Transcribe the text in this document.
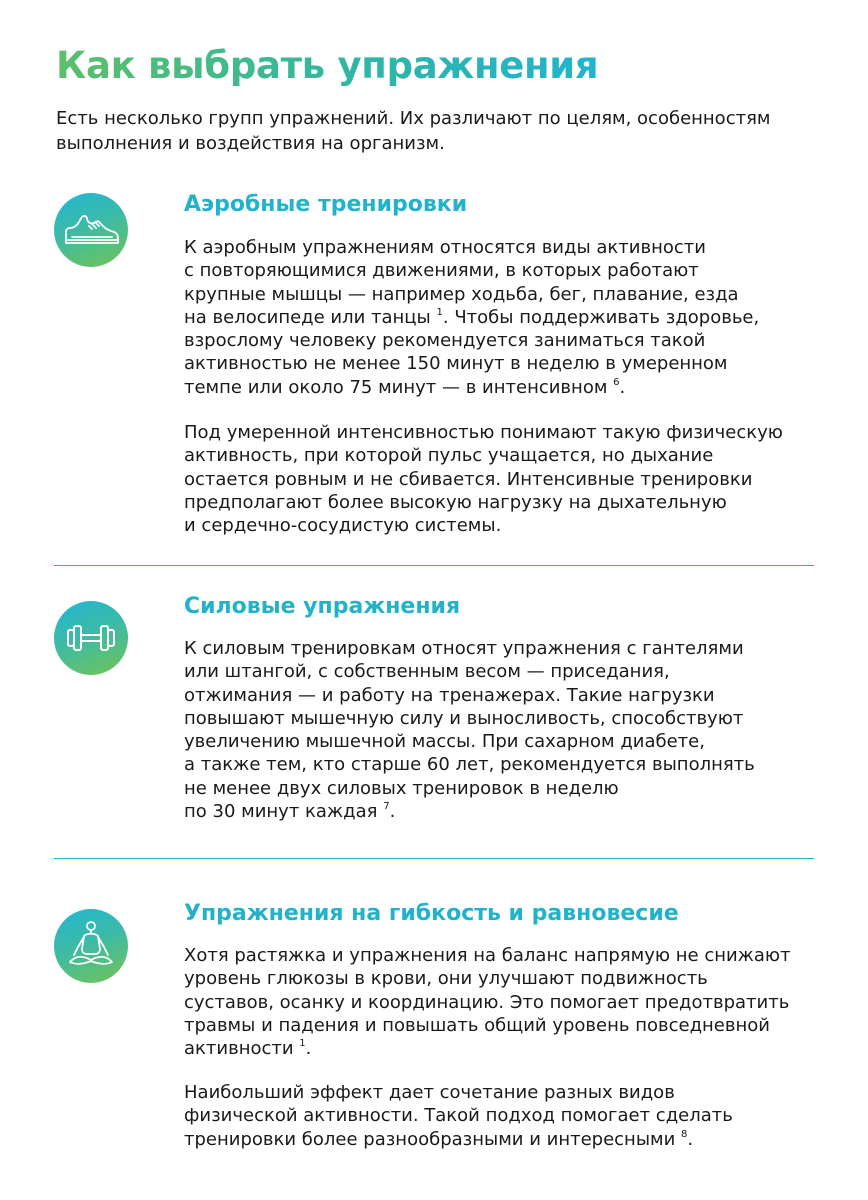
Как выбрать упражнения
Есть несколько групп упражнений. Их различают по целям, особенностям
выполнения и воздействия на организм.
Аэробные тренировки
К аэробным упражнениям относятся виды активности
с повторяющимися движениями, в которых работают
крупные мышцы — например ходьба, бег, плавание, езда
на велосипеде или танцы $^1$. Чтобы поддерживать здоровье,
взрослому человеку рекомендуется заниматься такой
активностью не менее 150 минут в неделю в умеренном
темпе или около 75 минут — в интенсивном $^6$.
Под умеренной интенсивностью понимают такую физическую
активность, при которой пульс учащается, но дыхание
остается ровным и не сбивается. Интенсивные тренировки
предполагают более высокую нагрузку на дыхательную
и сердечно-сосудистую системы.
Силовые упражнения
К силовым тренировкам относят упражнения с гантелями
или штангой, с собственным весом — приседания,
отжимания — и работу на тренажерах. Такие нагрузки
повышают мышечную силу и выносливость, способствуют
увеличению мышечной массы. При сахарном диабете,
а также тем, кто старше 60 лет, рекомендуется выполнять
не менее двух силовых тренировок в неделю
по 30 минут каждая $^7$.
Упражнения на гибкость и равновесие
Хотя растяжка и упражнения на баланс напрямую не снижают
уровень глюкозы в крови, они улучшают подвижность
суставов, осанку и координацию. Это помогает предотвратить
травмы и падения и повышать общий уровень повседневной
активности $^1$.
Наибольший эффект дает сочетание разных видов
физической активности. Такой подход помогает сделать
тренировки более разнообразными и интересными $^8$.
